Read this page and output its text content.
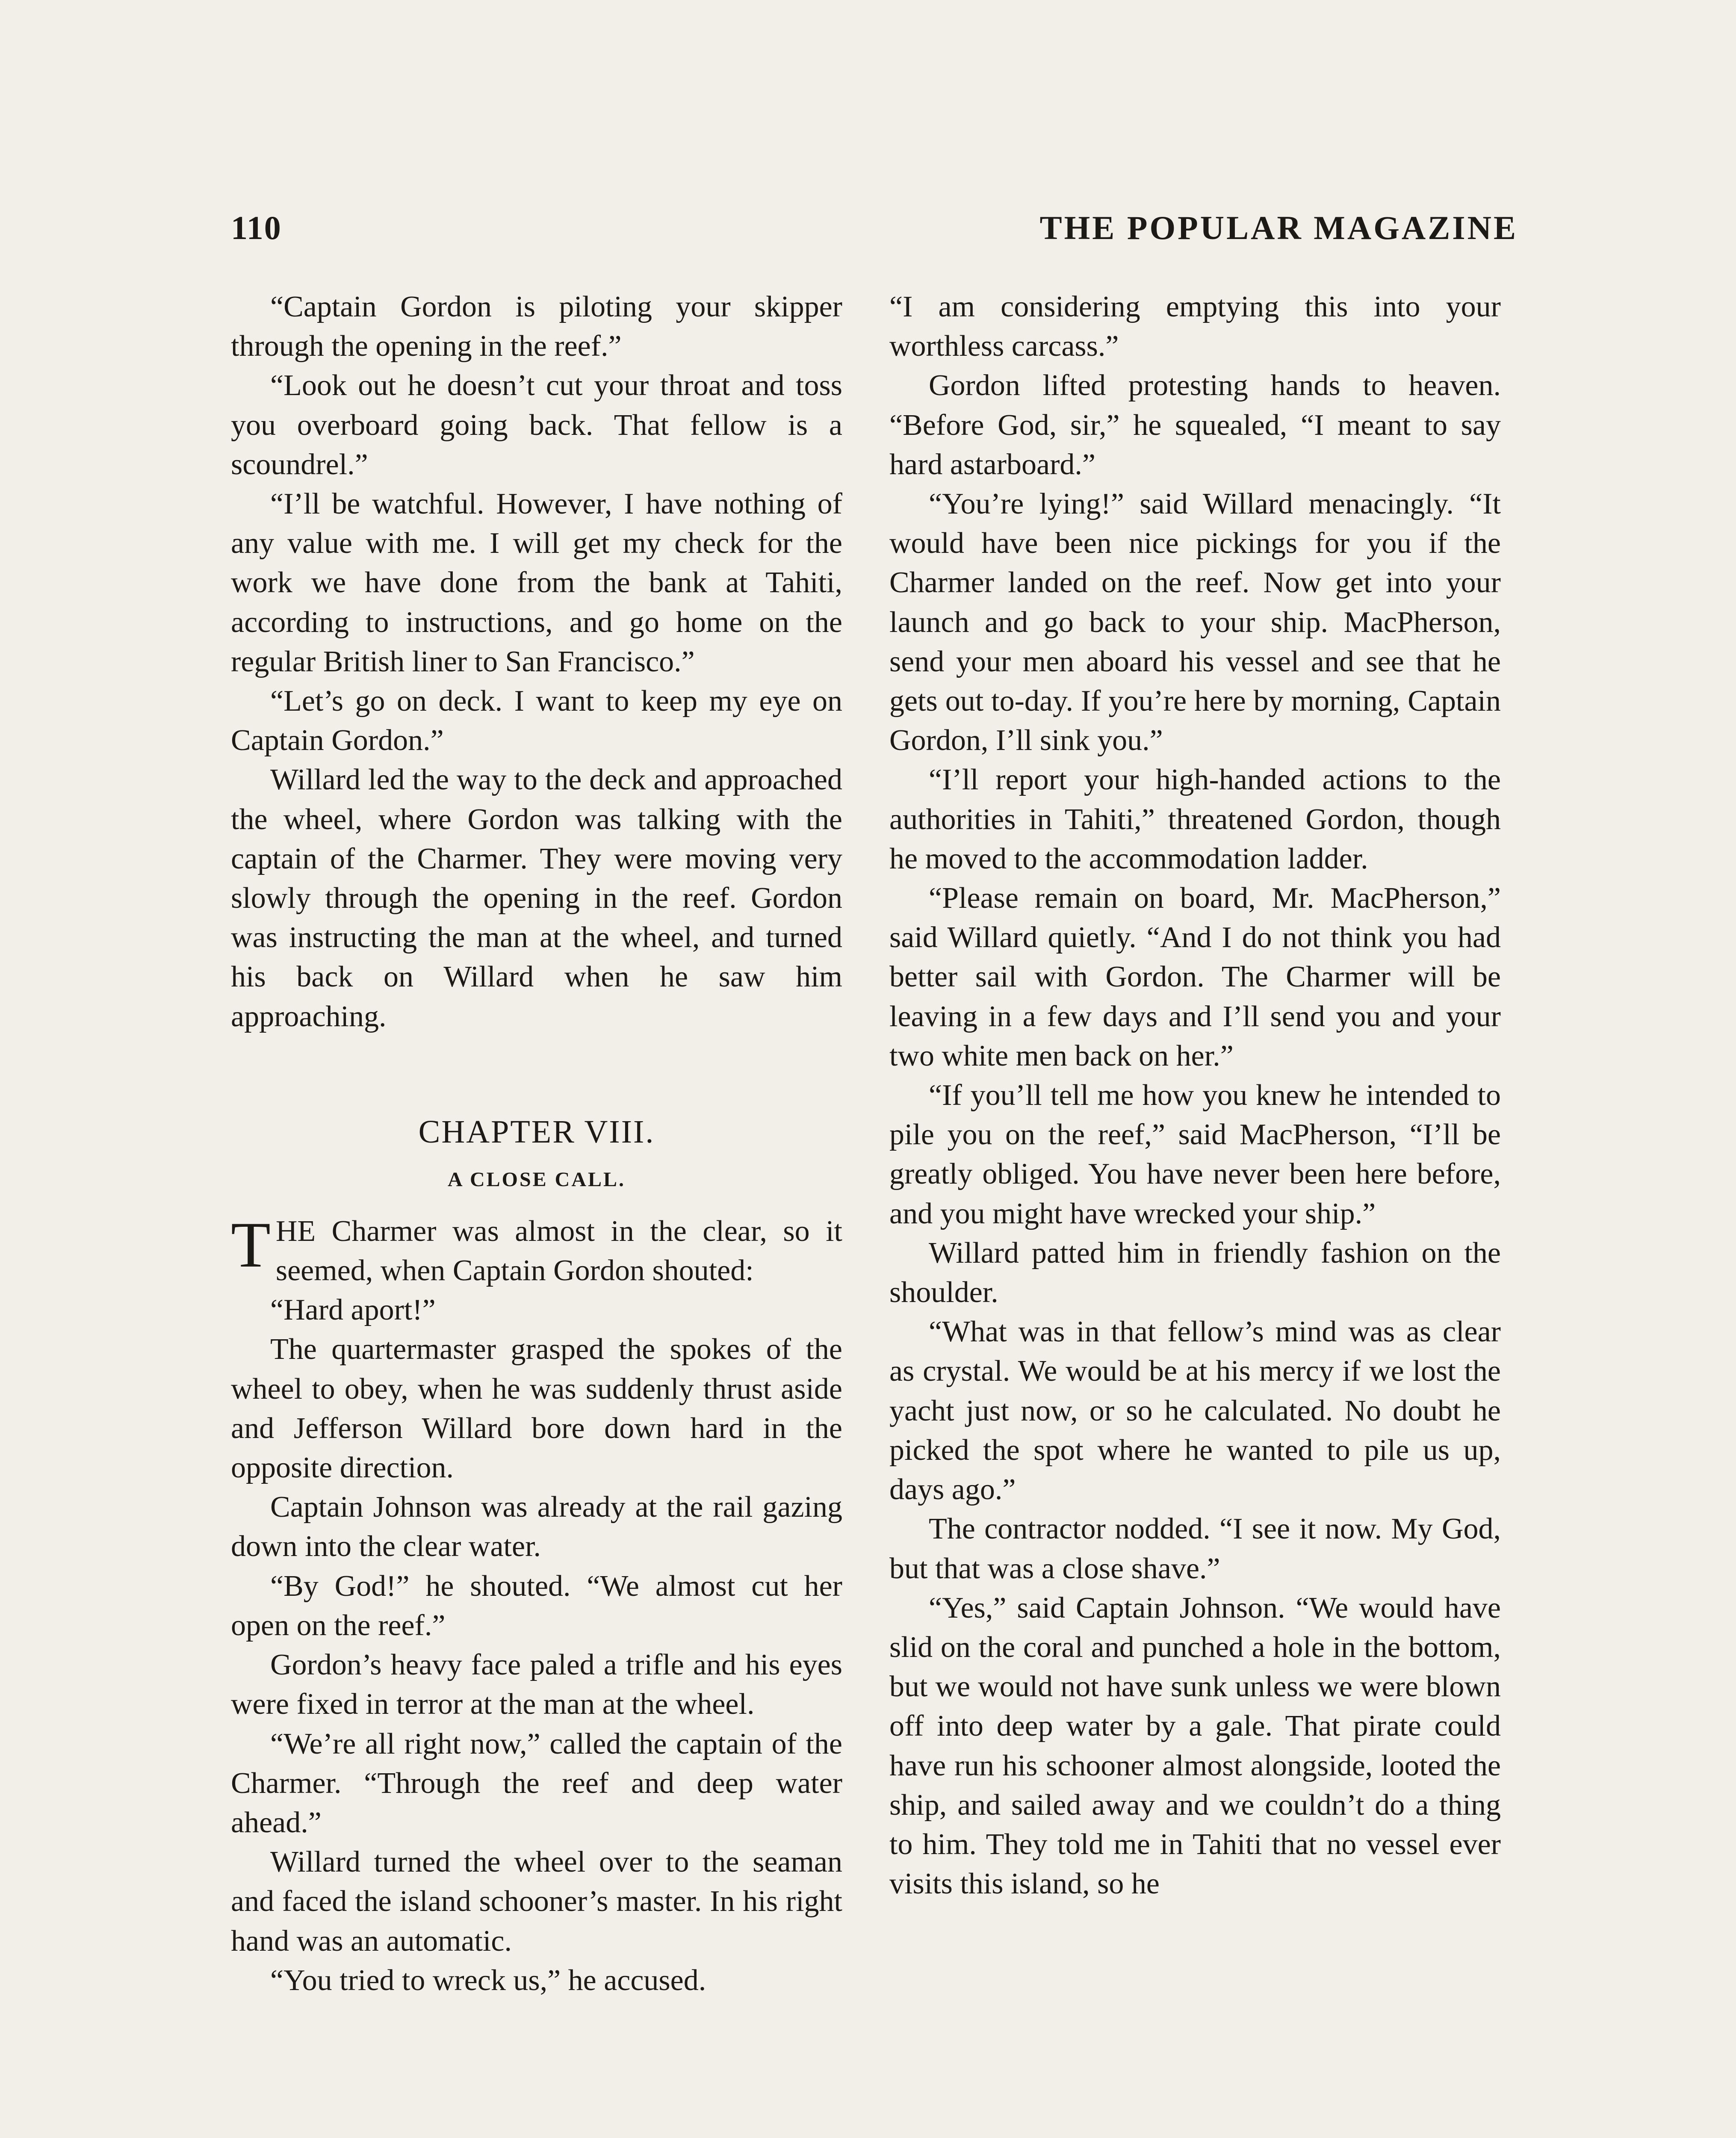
110	THE POPULAR MAGAZINE

“Captain Gordon is piloting your skipper through the opening in the reef.”

“Look out he doesn’t cut your throat and toss you overboard going back. That fellow is a scoundrel.”

“I’ll be watchful. However, I have nothing of any value with me. I will get my check for the work we have done from the bank at Tahiti, according to instructions, and go home on the regular British liner to San Francisco.”

“Let’s go on deck. I want to keep my eye on Captain Gordon.”

Willard led the way to the deck and approached the wheel, where Gordon was talking with the captain of the Charmer. They were moving very slowly through the opening in the reef. Gordon was instructing the man at the wheel, and turned his back on Willard when he saw him approaching.

CHAPTER VIII.
A CLOSE CALL.

T HE Charmer was almost in the clear, so it seemed, when Captain Gordon shouted:

“Hard aport!”

The quartermaster grasped the spokes of the wheel to obey, when he was suddenly thrust aside and Jefferson Willard bore down hard in the opposite direction.

Captain Johnson was already at the rail gazing down into the clear water.

“By God!” he shouted. “We almost cut her open on the reef.”

Gordon’s heavy face paled a trifle and his eyes were fixed in terror at the man at the wheel.

“We’re all right now,” called the captain of the Charmer. “Through the reef and deep water ahead.”

Willard turned the wheel over to the seaman and faced the island schooner’s master. In his right hand was an automatic.

“You tried to wreck us,” he accused.

“I am considering emptying this into your worthless carcass.”

Gordon lifted protesting hands to heaven. “Before God, sir,” he squealed, “I meant to say hard astarboard.”

“You’re lying!” said Willard menacingly. “It would have been nice pickings for you if the Charmer landed on the reef. Now get into your launch and go back to your ship. MacPherson, send your men aboard his vessel and see that he gets out to-day. If you’re here by morning, Captain Gordon, I’ll sink you.”

“I’ll report your high-handed actions to the authorities in Tahiti,” threatened Gordon, though he moved to the accommodation ladder.

“Please remain on board, Mr. MacPherson,” said Willard quietly. “And I do not think you had better sail with Gordon. The Charmer will be leaving in a few days and I’ll send you and your two white men back on her.”

“If you’ll tell me how you knew he intended to pile you on the reef,” said MacPherson, “I’ll be greatly obliged. You have never been here before, and you might have wrecked your ship.”

Willard patted him in friendly fashion on the shoulder.

“What was in that fellow’s mind was as clear as crystal. We would be at his mercy if we lost the yacht just now, or so he calculated. No doubt he picked the spot where he wanted to pile us up, days ago.”

The contractor nodded. “I see it now. My God, but that was a close shave.”

“Yes,” said Captain Johnson. “We would have slid on the coral and punched a hole in the bottom, but we would not have sunk unless we were blown off into deep water by a gale. That pirate could have run his schooner almost alongside, looted the ship, and sailed away and we couldn’t do a thing to him. They told me in Tahiti that no vessel ever visits this island, so he
